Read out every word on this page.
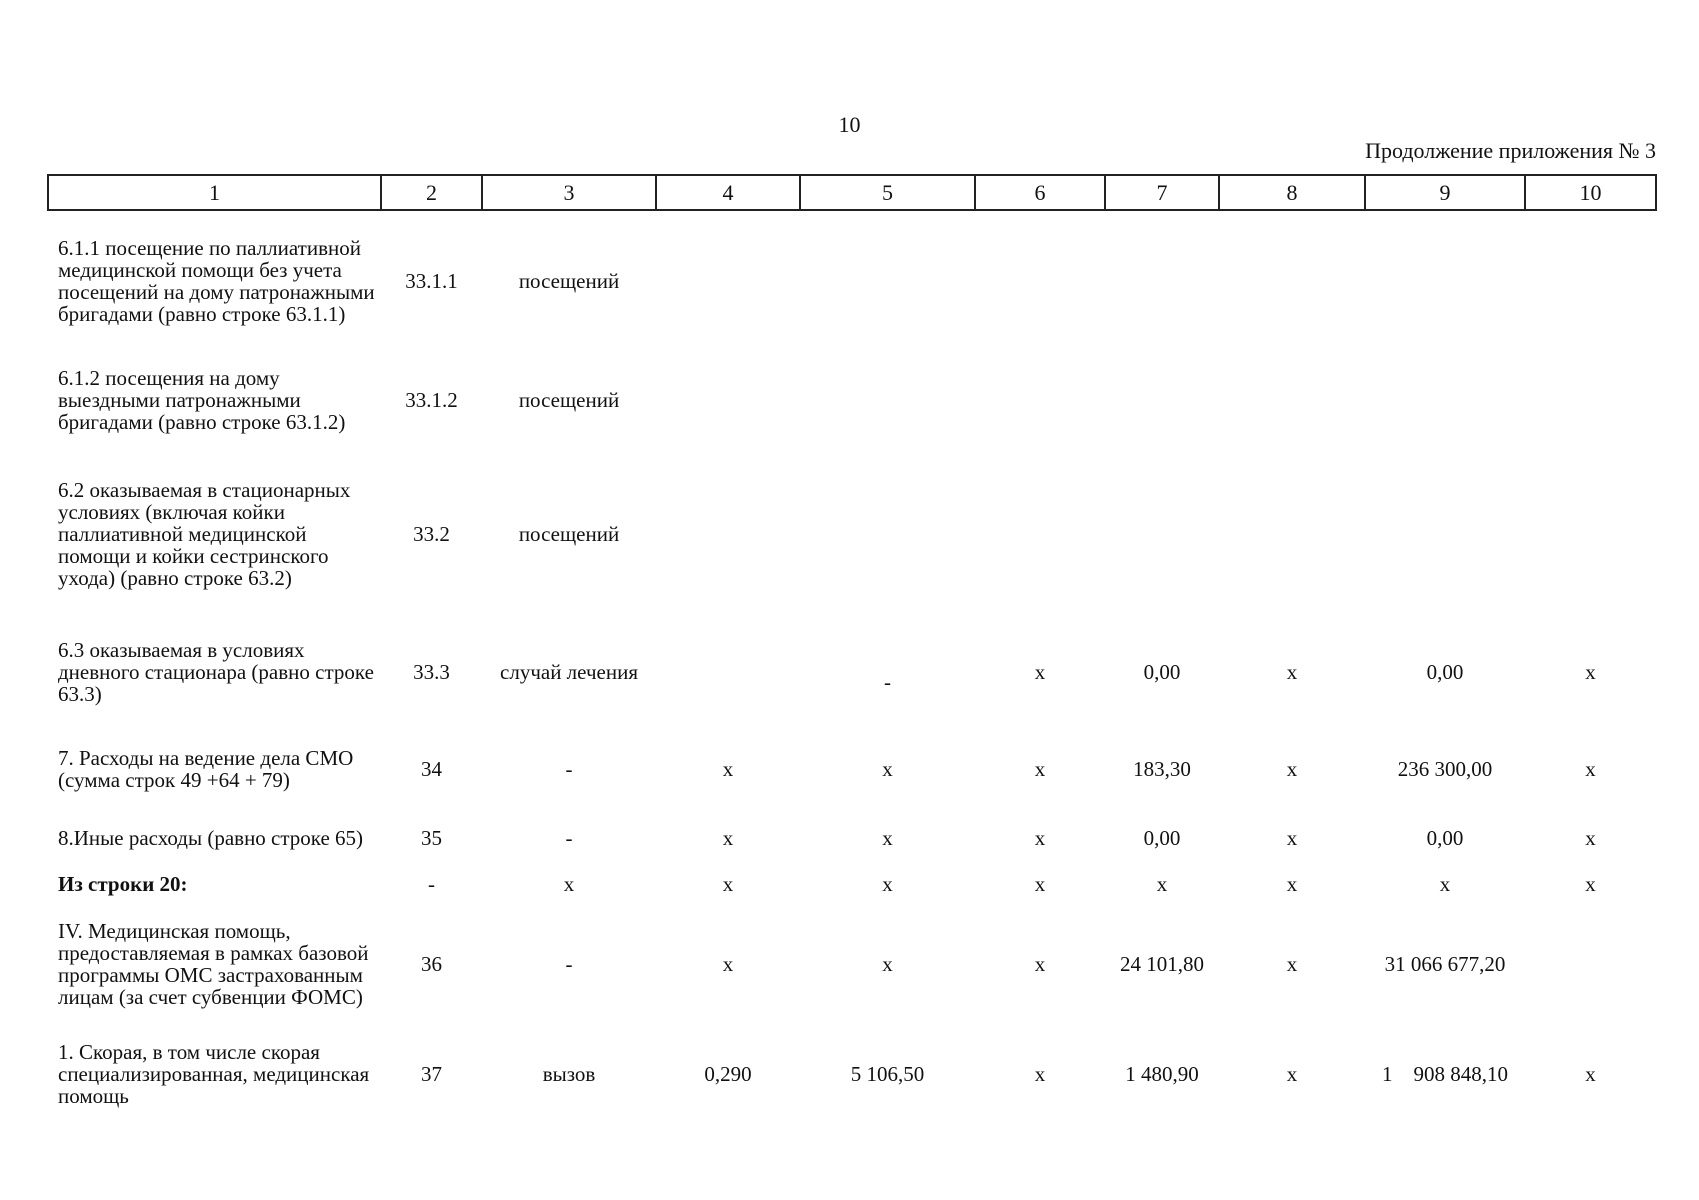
10
Продолжение приложения № 3
1	2	3	4	5	6	7	8	9	10
6.1.1 посещение по паллиативной медицинской помощи без учета посещений на дому патронажными бригадами (равно строке 63.1.1)	33.1.1	посещений							
6.1.2 посещения на дому выездными патронажными бригадами (равно строке 63.1.2)	33.1.2	посещений							
6.2 оказываемая в стационарных условиях (включая койки паллиативной медицинской помощи и койки сестринского ухода) (равно строке 63.2)	33.2	посещений							
6.3 оказываемая в условиях дневного стационара (равно строке 63.3)	33.3	случай лечения		-	х	0,00	х	0,00	х
7. Расходы на ведение дела СМО (сумма строк 49 +64 + 79)	34	-	х	х	х	183,30	х	236 300,00	х
8.Иные расходы (равно строке 65)	35	-	х	х	х	0,00	х	0,00	х
Из строки 20:	-	х	х	х	х	х	х	х	х
IV. Медицинская помощь, предоставляемая в рамках базовой программы ОМС застрахованным лицам (за счет субвенции ФОМС)	36	-	х	х	х	24 101,80	х	31 066 677,20	
1. Скорая, в том числе скорая специализированная, медицинская помощь	37	вызов	0,290	5 106,50	х	1 480,90	х	1    908 848,10	х
